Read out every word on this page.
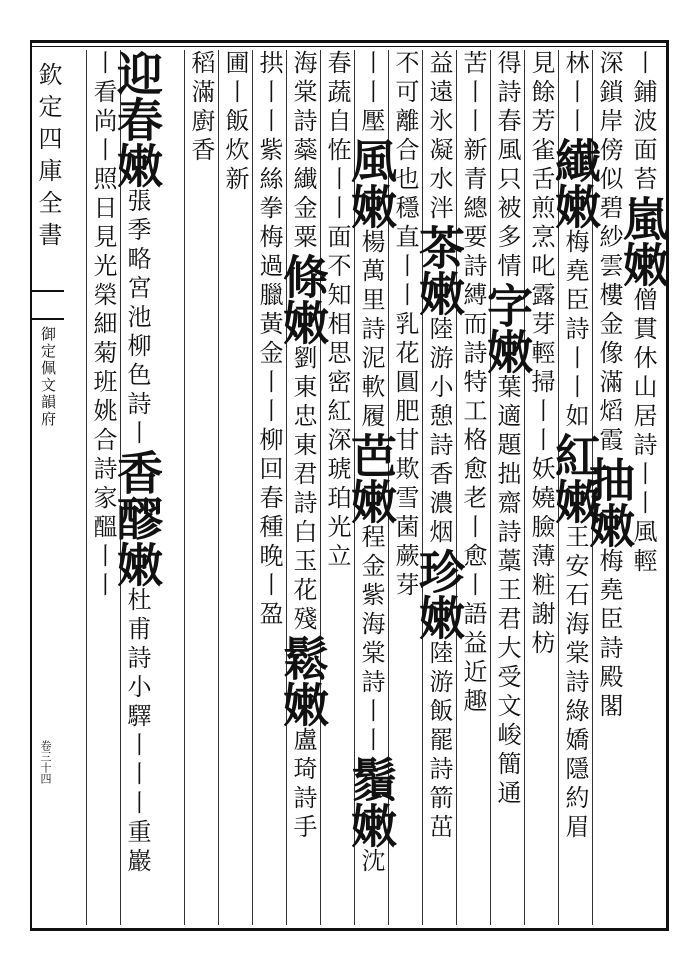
欽定四庫全書
御定佩文韻府
卷三十四
丨鋪波面苔嵐嫩僧貫休山居詩丨丨風輕
深鎖岸傍似碧紗雲樓金像滿熖霞抽嫩梅堯臣詩殿閣
林丨丨纎嫩梅堯臣詩丨丨如紅嫩王安石海棠詩綠嬌隱約眉
見餘芳雀舌煎烹叱露芽輕掃丨丨妖嬈臉薄粧謝枋
得詩春風只被多情字嫩葉適題拙齋詩藁王君大受文峻簡通
苦丨丨新青總要詩縛而詩特工格愈老丨愈丨語益近趣
益遠氷凝水泮茶嫩陸游小憩詩香濃烟珍嫩陸游飯罷詩箭茁
不可離合也穩直丨丨乳花圓肥甘欺雪菌蕨芽
丨丨壓風嫩楊萬里詩泥軟履芭嫩程金紫海棠詩丨丨鬚嫩沈
春蔬自恠丨丨面不知相思密紅深琥珀光立
海棠詩蘂纎金粟條嫩劉東忠東君詩白玉花殘鬆嫩盧琦詩手
拱丨丨紫絲拳梅過臘黃金丨丨柳回春種晚丨盈
圃丨飯炊新
稻滿廚香
迎春嫩張季略宮池柳色詩丨香醪嫩杜甫詩小驛丨丨丨重巖
丨看尚丨照日見光榮細菊班姚合詩家醞丨丨
